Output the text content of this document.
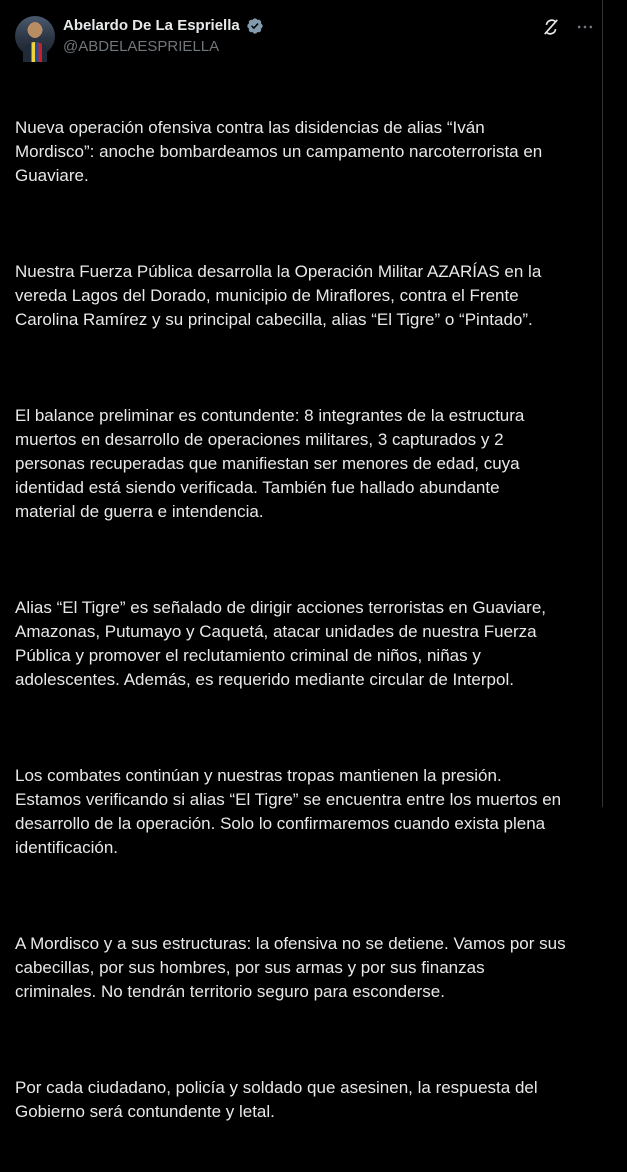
Abelardo De La Espriella
@ABDELAESPRIELLA

Nueva operación ofensiva contra las disidencias de alias “Iván
Mordisco”: anoche bombardeamos un campamento narcoterrorista en
Guaviare.

Nuestra Fuerza Pública desarrolla la Operación Militar AZARÍAS en la
vereda Lagos del Dorado, municipio de Miraflores, contra el Frente
Carolina Ramírez y su principal cabecilla, alias “El Tigre” o “Pintado”.

El balance preliminar es contundente: 8 integrantes de la estructura
muertos en desarrollo de operaciones militares, 3 capturados y 2
personas recuperadas que manifiestan ser menores de edad, cuya
identidad está siendo verificada. También fue hallado abundante
material de guerra e intendencia.

Alias “El Tigre” es señalado de dirigir acciones terroristas en Guaviare,
Amazonas, Putumayo y Caquetá, atacar unidades de nuestra Fuerza
Pública y promover el reclutamiento criminal de niños, niñas y
adolescentes. Además, es requerido mediante circular de Interpol.

Los combates continúan y nuestras tropas mantienen la presión.
Estamos verificando si alias “El Tigre” se encuentra entre los muertos en
desarrollo de la operación. Solo lo confirmaremos cuando exista plena
identificación.

A Mordisco y a sus estructuras: la ofensiva no se detiene. Vamos por sus
cabecillas, por sus hombres, por sus armas y por sus finanzas
criminales. No tendrán territorio seguro para esconderse.

Por cada ciudadano, policía y soldado que asesinen, la respuesta del
Gobierno será contundente y letal.
